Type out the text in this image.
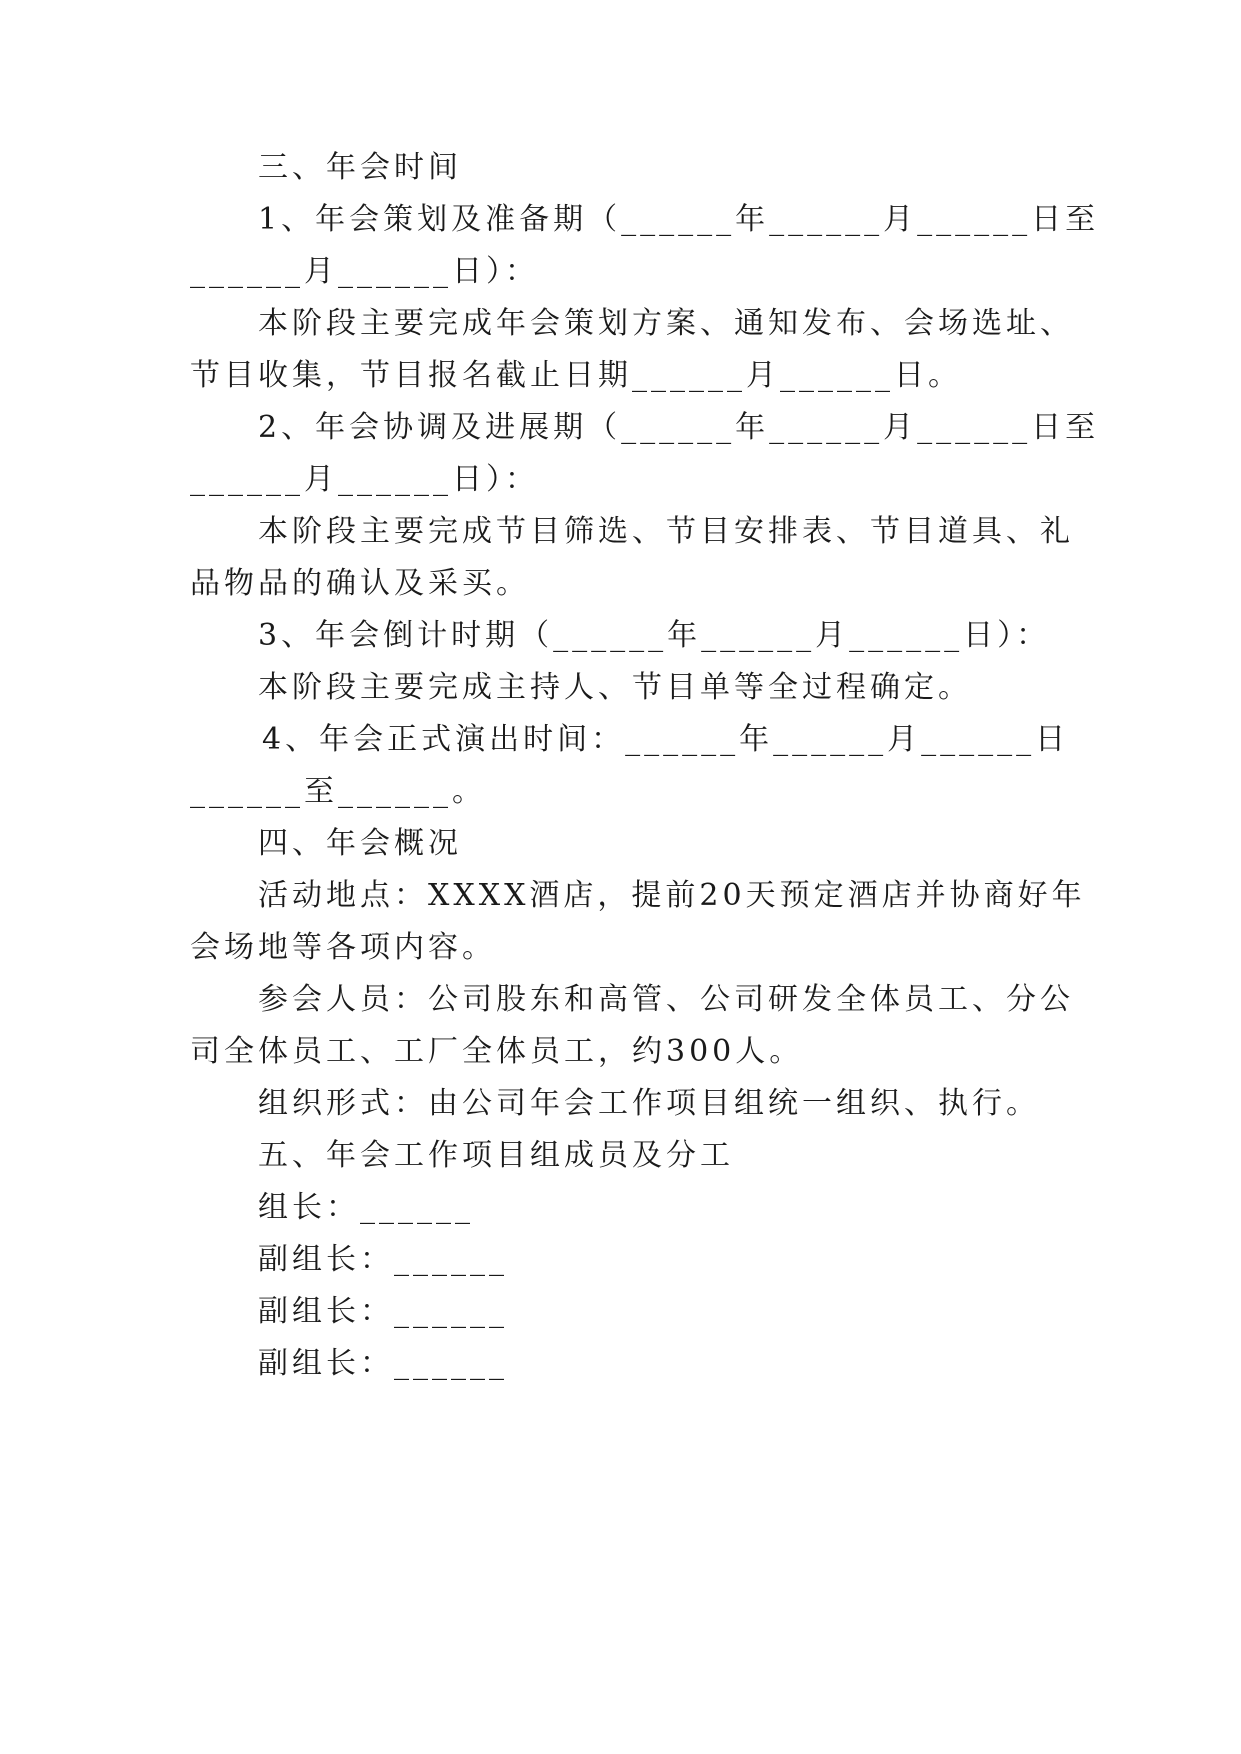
三、年会时间
1、年会策划及准备期（______年______月______日至
______月______日）：
本阶段主要完成年会策划方案、通知发布、会场选址、
节目收集，节目报名截止日期______月______日。
2、年会协调及进展期（______年______月______日至
______月______日）：
本阶段主要完成节目筛选、节目安排表、节目道具、礼
品物品的确认及采买。
3、年会倒计时期（______年______月______日）：
本阶段主要完成主持人、节目单等全过程确定。
4、年会正式演出时间：______年______月______日
______至______。
四、年会概况
活动地点：XXXX酒店，提前20天预定酒店并协商好年
会场地等各项内容。
参会人员：公司股东和高管、公司研发全体员工、分公
司全体员工、工厂全体员工，约300人。
组织形式：由公司年会工作项目组统一组织、执行。
五、年会工作项目组成员及分工
组长：______
副组长：______
副组长：______
副组长：______
